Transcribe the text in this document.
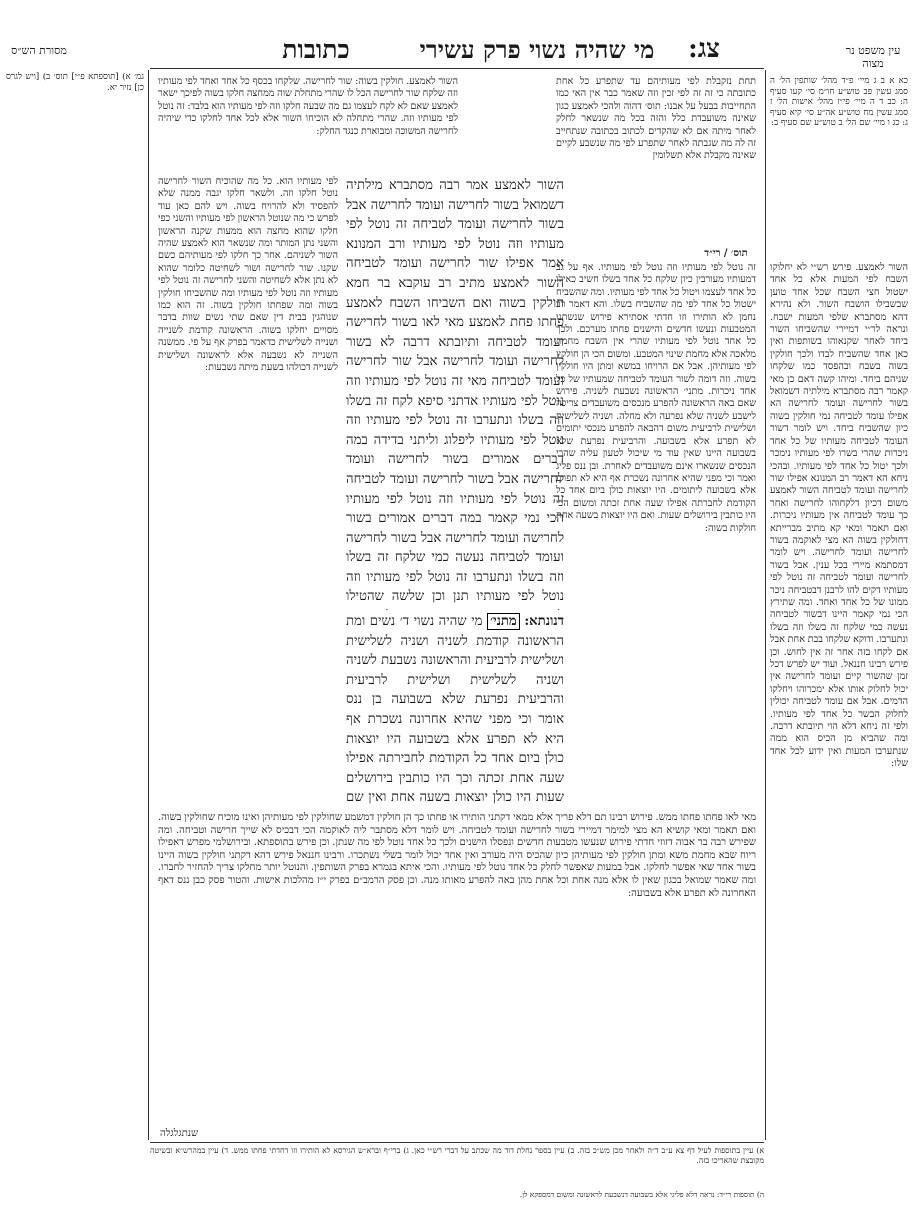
עין משפט נר מצוה
מסורת הש״ס	צג:
מי שהיה נשוי פרק עשירי
כתובות
כא א ב ג מיי׳ פ״ד מהל׳ שותפין הל׳ ה סמג עשין פב טוש״ע חו״מ סי׳ קעו סעיף ה: כב ד ה מיי׳ פי״ז מהל׳ אישות הל׳ ז סמג עשין מח טוש״ע אה״ע סי׳ קיא סעיף ג: כג ו מיי׳ שם הל׳ ב טוש״ע שם סעיף ב:
גמ׳ א) [תוספתא פ״י] תוס׳ ב) [ויש לגרס כן] נזיר יא.
תוס׳ / רי״ד
השור לאמצע. פירש רש״י לא יחלוקו השבח לפי המעות אלא כל אחד ישטול חצי השבח שכל אחד טוען שבשבילו הושבח השור. ולא נהירא דהא מסתברא שלפי המעות ישבח. ונראה לר״י דמיירי שהשביחו השור ביחד לאחר שקנאוהו בשותפות ואין כאן אחד שהשביח לבדו ולכך חולקין בשוה בשבח ובהפסד כמו שלקחו שניהם ביחד. ומיהו קשה דאם כן מאי קאמר רבה מסתברא מילתיה דשמואל בשור לחרישה ועומד לחרישה הא אפילו עומד לטביחה נמי חולקין בשוה כיון שהשביח ביחד. ויש לומר דשור העומד לטביחה מעותיו של כל אחד ניכרות שהרי בשרו לפי מעותיו נימכר ולכך יטול כל אחד לפי מעותיו. ובהכי ניחא הא דאמר רב המנונא אפילו שור לחרישה ועומד לטביחה השור לאמצע משום דכיון דלקחוהו לחרישה ואחר כך עומד לטביחה אין מעותיו ניכרות. ואם תאמר ומאי קא מתיב מברייתא דחולקין בשוה הא מצי לאוקמה בשור לחרישה ועומד לחרישה. ויש לומר דמסתמא מיירי בכל ענין. אבל בשור לחרישה ועומד לטביחה זה נוטל לפי מעותיו דקים להו לרבנן דבטביחה ניכר ממונו של כל אחד ואחד. ומה שתירץ הכי נמי קאמר היינו דבשור לטביחה נעשה כמי שלקח זה בשלו וזה בשלו ונתערבו. ודוקא שלקחו בבת אחת אבל אם לקחו בזה אחר זה אין לחוש. וכן פירש רבינו חננאל. ועוד יש לפרש דכל זמן שהשור קיים ועומד לחרישה אין יכול לחלוק אותו אלא ימכרוהו ויחלקו הדמים. אבל אם עומד לטביחה יכולין לחלוק הבשר כל אחד לפי מעותיו. ולפי זה ניחא דלא הוי תיובתא דרבה. ומה שהביא מן הכיס הוא ממה שנתערבו המעות ואין ידוע לכל אחד שלו:
תחת נזקבלת לפי מעותיהם עד שתפרע כל אחת כתובתה כי זה זה לפי זכין וזה שאמר כבר אין האי כמו התחייבות בבעל על אבנו: תוס׳ דהוה ולהכי לאמצע כגון שאינה משועבדת כלל והזה בכל מה שנשאר לחלק לאחר מיתה אם לא שהקדים לכתוב בכתובה שנתחייב זה לה מה שגבתה לאחר שתפרע לפי מה שנשבע לקיים שאינה מקבלת אלא תשלומין
זה נוטל לפי מעותיו וזה נוטל לפי מעותיו. אף על גב דמעותיו מעורבין כיון שלקח כל אחד בשלו חשיב כאילו כל אחד לעצמו ויטול כל אחד לפי מעותיו. ומה שהשביח ישטול כל אחד לפי מה שהשביח בשלו. והא דאמר רב נחמן לא הותירו וזו חדתי אסתירא פירוש שנשתנו המטבעות ונעשו חדשים והישנים פחתו מערכם. ולכך כל אחד נוטל לפי מעותיו שהרי אין השבח מחמת מלאכה אלא מחמת שינוי המטבע. ומשום הכי הן חולקין לפי מעותיהן. אבל אם הרויחו במשא ומתן היו חולקין בשוה. וזה דומה לשור העומד לטביחה שמעותיו של כל אחד ניכרות. מתני׳ הראשונה נשבעת לשניה. פירוש שאם באה הראשונה להפרע מנכסים משועבדים צריכה לישבע לשניה שלא נפרעה ולא מחלה. ושניה לשלישית ושלישית לרביעית משום דהבאה להפרע מנכסי יתומים לא תפרע אלא בשבועה. והרביעית נפרעת שלא בשבועה היינו שאין עוד מי שיכול לטעון עליה שהרי הנכסים שנשארו אינם משועבדים לאחרת. ובן ננס פליג ואמר וכי מפני שהיא אחרונה נשכרת אף היא לא תפרע אלא בשבועה ליתומים. היו יוצאות כולן ביום אחד כל הקודמת לחברתה אפילו שעה אחת זכתה ומשום הכי היו כותבין בירושלים שעות. ואם היו יוצאות בשעה אחת חולקות בשוה:
השור לאמצע. חולקין בשוה: שור לחרישה. שלקחו בכסף כל אחד ואחד לפי מעותיו וזה שלקח שור לחרישה הכל לו שהרי מתחלת שוה ממחצה חלקו בשוה לפיכך ישאר לאמצע שאם לא לקח לעצמו גם מה שבעה חלקו וזה לפי מעותיו הוא בלבד: זה נוטל לפי מעותיו וזה. שהרי מתחלה לא הוכיחו השור אלא לכל אחד לחלקו כדי שיהיה לחרישה המשוכה ומבוארת כנגד החלק:
לפי מעותיו הוא. כל מה שהוכיח השור לחרישה נוטל חלקו וזה. ולשאר חלקו יגבה ממנה שלא להפסיד ולא להרויח בשוה. ויש להם כאן עוד לפרש כי מה שנוטל הראשון לפי מעותיו והשני כפי חלקו שהוא מחצה הוא ממעות שקנה הראשון והשני נתן המותר ומה שנשאר הוא לאמצע שהיה השור לשניהם. אחר כך חלקו לפי מעותיהם כשם שקנו. שור לחרישה ושור לשחיטה כלומר שהוא לא נתן אלא לשחיטה והשני לחרישה זה נוטל לפי מעותיו וזה נוטל לפי מעותיו ומה שהשביחו חולקין בשוה ומה שפחתו חולקין בשוה. זה הוא כמו שנוהגין בבית דין שאם שתי נשים שוות בדבר מסויים יחלקו בשוה. הראשונה קודמת לשנייה ושנייה לשלישית כדאמר בפרק אף על פי. ממשנה השנייה לא נשבעה אלא לראשונה ושלישית לשנייה דכולהו בשעת מיתה נשבעות:
השור לאמצע אמר רבה מסתברא מילתיה דשמואל בשור לחרישה ועומד לחרישה אבל בשור לחרישה ועומד לטביחה זה נוטל לפי מעותיו וזה נוטל לפי מעותיו ורב המנונא אמר אפילו שור לחרישה ועומד לטביחה השור לאמצע מתיב רב עוקבא בר חמא חולקין בשוה ואם השביחו השבח לאמצע פחתו פחת לאמצע מאי לאו בשור לחרישה ועומד לטביחה ותיובתא דרבה לא בשור לחרישה ועומד לחרישה אבל שור לחרישה ועומד לטביחה מאי זה נוטל לפי מעותיו וזה נוטל לפי מעותיו אדתני סיפא לקח זה בשלו וזה בשלו ונתערבו זה נוטל לפי מעותיו וזה נוטל לפי מעותיו ליפלוג וליתני בדידה במה דברים אמורים בשור לחרישה ועומד לחרישה אבל בשור לחרישה ועומד לטביחה זה נוטל לפי מעותיו וזה נוטל לפי מעותיו הכי נמי קאמר במה דברים אמורים בשור לחרישה ועומד לחרישה אבל בשור לחרישה ועומד לטביחה נעשה כמי שלקח זה בשלו וזה בשלו ונתערבו זה נוטל לפי מעותיו וזה נוטל לפי מעותיו תנן וכן שלשה שהטילו
דנונתא: מתני׳ מי שהיה נשוי ד׳ נשים ומת הראשונה קודמת לשניה ושניה לשלישית ושלישית לרביעית והראשונה נשבעת לשניה ושניה לשלישית ושלישית לרביעית והרביעית נפרעת שלא בשבועה בן ננס אומר וכי מפני שהיא אחרונה נשכרת אף היא לא תפרע אלא בשבועה היו יוצאות כולן ביום אחד כל הקודמת לחבירתה אפילו שעה אחת זכתה וכך היו כותבין בירושלים שעות היו כולן יוצאות בשעה אחת ואין שם
מאי לאו פחתו פחתו ממש. פירוש רבינו תם דלא פריך אלא ממאי דקתני הותירו או פחתו כך הן חולקין דמשמע שחולקין לפי מעותיהן ואינו מוכיח שחולקין בשוה. ואם תאמר ומאי קושיא הא מצי למימר דמיירי בשור לחרישה ועומד לטביחה. ויש לומר דלא מסתבר ליה לאוקמה הכי דבכיס לא שייך חרישה וטביחה. ומה שפירש רבה בר אבוה דזוזי חדתי פירוש שנעשו מטבעות חדשים ונפסלו הישנים ולכך כל אחד נוטל לפי מה שנתן. וכן פירש בתוספתא. ובירושלמי מפרש דאפילו ריוח שבא מחמת משא ומתן חולקין לפי מעותיהן כיון שהכיס היה מעורב ואין אחד יכול לומר בשלי נשתכרו. ורבינו חננאל פירש דהא דקתני חולקין בשוה היינו בשור אחד שאי אפשר לחלקו. אבל במעות שאפשר לחלק כל אחד נוטל לפי מעותיו. והכי איתא בגמרא בפרק השותפין. והנוטל יותר מחלקו צריך להחזיר לחברו. ומה שאמר שמואל בכגון שאין לו אלא מנה אחת וכל אחת מהן באה להפרע מאותו מנה. וכן פסק הרמב״ם בפרק י״ז מהלכות אישות. והטור פסק כבן ננס דאף האחרונה לא תפרע אלא בשבועה:
שנתגלגלה
א) עיין בתוספות לעיל דף צא ע״ב ד״ה ולאחר מכן מש״כ בזה. ב) עיין בספר נחלת דוד מה שכתב על דברי רש״י כאן. ג) ברי״ף וברא״ש הגירסא לא הותירו וזו דחדתי פחתו ממש. ד) עיין במהרש״א ובשיטה מקובצת שהאריכו בזה.
ה) תוספות רי״ד: נראה דלא פליגי אלא בשבועה דנשבעת לראשונה ומשום דמספקא לן.
